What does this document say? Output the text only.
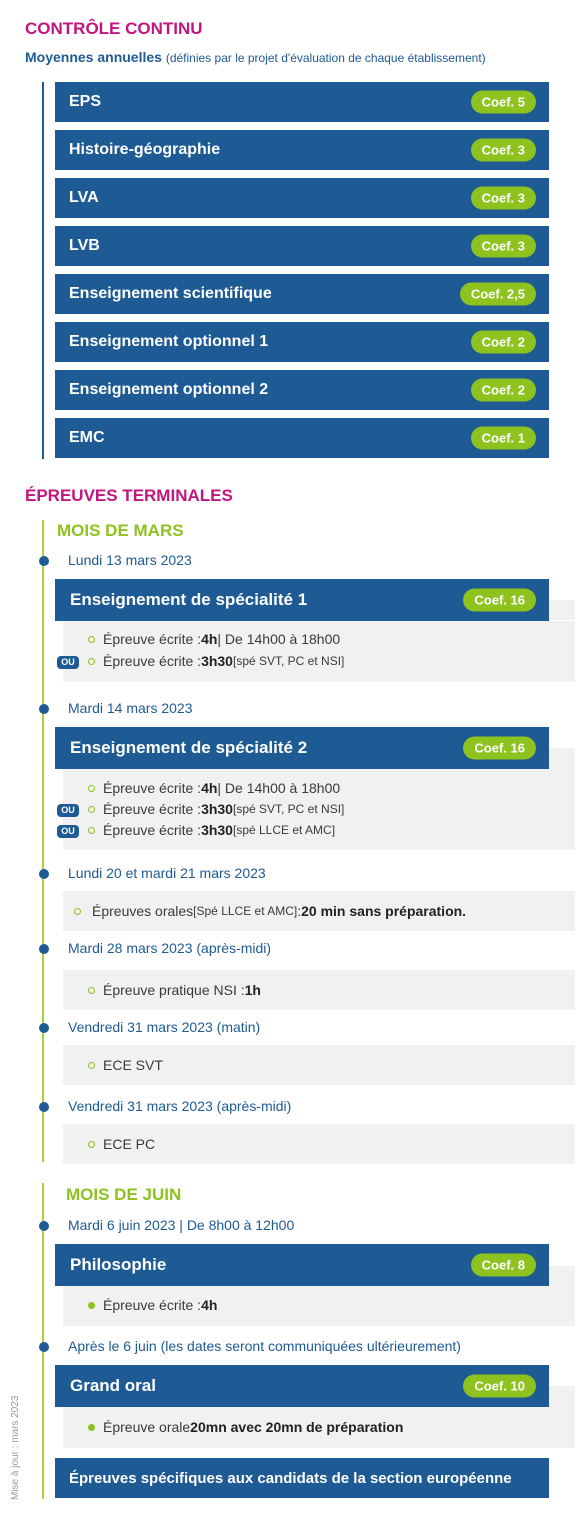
CONTRÔLE CONTINU
Moyennes annuelles (définies par le projet d'évaluation de chaque établissement)
EPS	Coef. 5
Histoire-géographie	Coef. 3
LVA	Coef. 3
LVB	Coef. 3
Enseignement scientifique	Coef. 2,5
Enseignement optionnel 1	Coef. 2
Enseignement optionnel 2	Coef. 2
EMC	Coef. 1
ÉPREUVES TERMINALES
MOIS DE MARS
Lundi 13 mars 2023
Enseignement de spécialité 1	Coef. 16
Épreuve écrite : 4h | De 14h00 à 18h00
OU	Épreuve écrite : 3h30 [spé SVT, PC et NSI]
Mardi 14 mars 2023
Enseignement de spécialité 2	Coef. 16
Épreuve écrite : 4h | De 14h00 à 18h00
OU	Épreuve écrite : 3h30 [spé SVT, PC et NSI]
OU	Épreuve écrite : 3h30 [spé LLCE et AMC]
Lundi 20 et mardi 21 mars 2023
Épreuves orales [Spé LLCE et AMC] : 20 min sans préparation.
Mardi 28 mars 2023 (après-midi)
Épreuve pratique NSI : 1h
Vendredi 31 mars 2023 (matin)
ECE SVT
Vendredi 31 mars 2023 (après-midi)
ECE PC
MOIS DE JUIN
Mardi 6 juin 2023 | De 8h00 à 12h00
Philosophie	Coef. 8
Épreuve écrite : 4h
Après le 6 juin (les dates seront communiquées ultérieurement)
Grand oral	Coef. 10
Épreuve orale 20mn avec 20mn de préparation
Épreuves spécifiques aux candidats de la section européenne
Mise à jour : mars 2023
